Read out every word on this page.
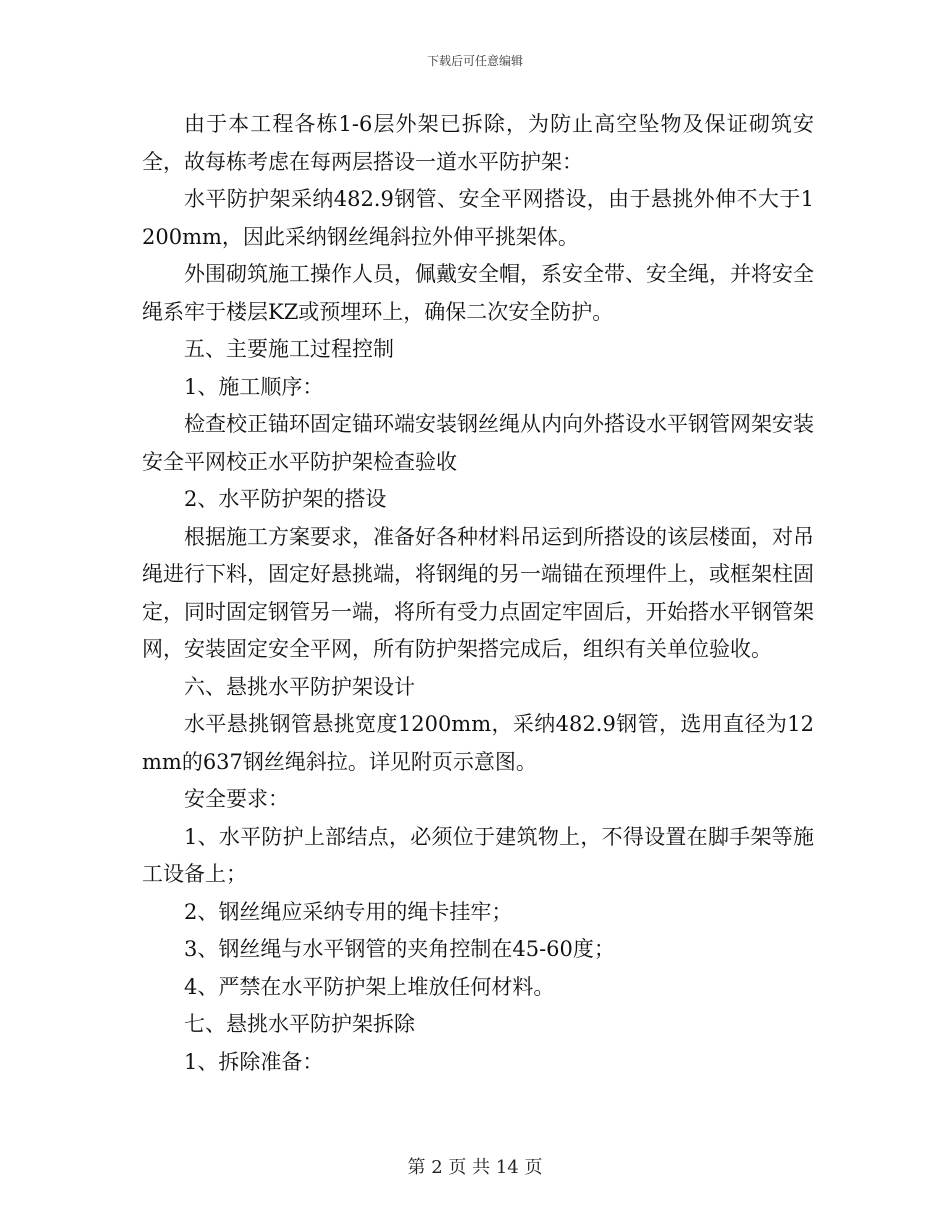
下载后可任意编辑

由于本工程各栋1-6层外架已拆除，为防止高空坠物及保证砌筑安全，故每栋考虑在每两层搭设一道水平防护架：

水平防护架采纳482.9钢管、安全平网搭设，由于悬挑外伸不大于1200mm，因此采纳钢丝绳斜拉外伸平挑架体。

外围砌筑施工操作人员，佩戴安全帽，系安全带、安全绳，并将安全绳系牢于楼层KZ或预埋环上，确保二次安全防护。

五、主要施工过程控制

1、施工顺序：

检查校正锚环固定锚环端安装钢丝绳从内向外搭设水平钢管网架安装安全平网校正水平防护架检查验收

2、水平防护架的搭设

根据施工方案要求，准备好各种材料吊运到所搭设的该层楼面，对吊绳进行下料，固定好悬挑端，将钢绳的另一端锚在预埋件上，或框架柱固定，同时固定钢管另一端，将所有受力点固定牢固后，开始搭水平钢管架网，安装固定安全平网，所有防护架搭完成后，组织有关单位验收。

六、悬挑水平防护架设计

水平悬挑钢管悬挑宽度1200mm，采纳482.9钢管，选用直径为12mm的637钢丝绳斜拉。详见附页示意图。

安全要求：

1、水平防护上部结点，必须位于建筑物上，不得设置在脚手架等施工设备上；

2、钢丝绳应采纳专用的绳卡挂牢；

3、钢丝绳与水平钢管的夹角控制在45-60度；

4、严禁在水平防护架上堆放任何材料。

七、悬挑水平防护架拆除

1、拆除准备：

第 2 页 共 14 页
